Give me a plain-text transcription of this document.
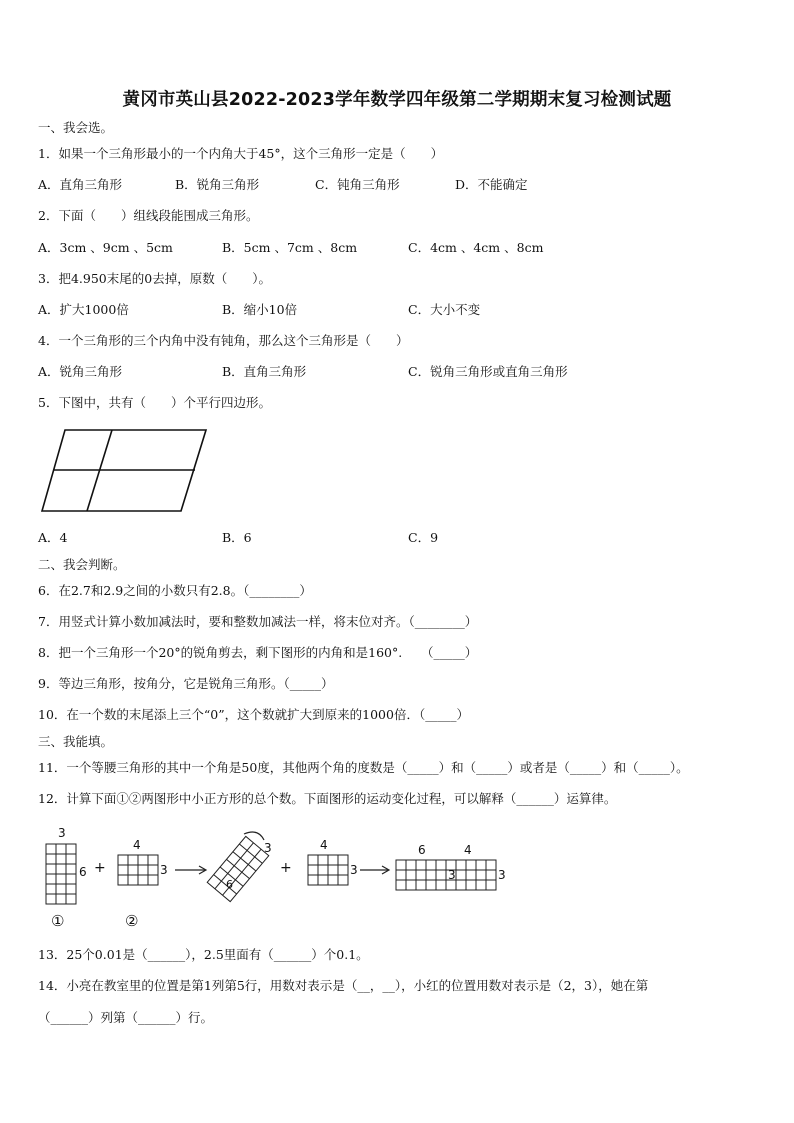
黄冈市英山县2022-2023学年数学四年级第二学期期末复习检测试题
一、我会选。
1．如果一个三角形最小的一个内角大于45°，这个三角形一定是（　　）
A．直角三角形	B．锐角三角形	C．钝角三角形	D．不能确定
2．下面（　　）组线段能围成三角形。
A．3cm 、9cm 、5cm	B．5cm 、7cm 、8cm	C．4cm 、4cm 、8cm
3．把4.950末尾的0去掉，原数（　　）。
A．扩大1000倍	B．缩小10倍	C．大小不变
4．一个三角形的三个内角中没有钝角，那么这个三角形是（　　）
A．锐角三角形	B．直角三角形	C．锐角三角形或直角三角形
5．下图中，共有（　　）个平行四边形。
A．4	B．6	C．9
二、我会判断。
6．在2.7和2.9之间的小数只有2.8。（________）
7．用竖式计算小数加减法时，要和整数加减法一样，将末位对齐。（________）
8．把一个三角形一个20°的锐角剪去，剩下图形的内角和是160°.　　（_____）
9．等边三角形，按角分，它是锐角三角形。（_____）
10．在一个数的末尾添上三个“0”，这个数就扩大到原来的1000倍．（_____）
三、我能填。
11．一个等腰三角形的其中一个角是50度，其他两个角的度数是（_____）和（_____）或者是（_____）和（_____）。
12．计算下面①②两图形中小正方形的总个数。下面图形的运动变化过程，可以解释（______）运算律。
3
6
①
+
4
3
②
3
6
+
4
3
6	4
3	3
13．25个0.01是（______），2.5里面有（______）个0.1。
14．小亮在教室里的位置是第1列第5行，用数对表示是（__，__），小红的位置用数对表示是（2，3），她在第
（______）列第（______）行。
